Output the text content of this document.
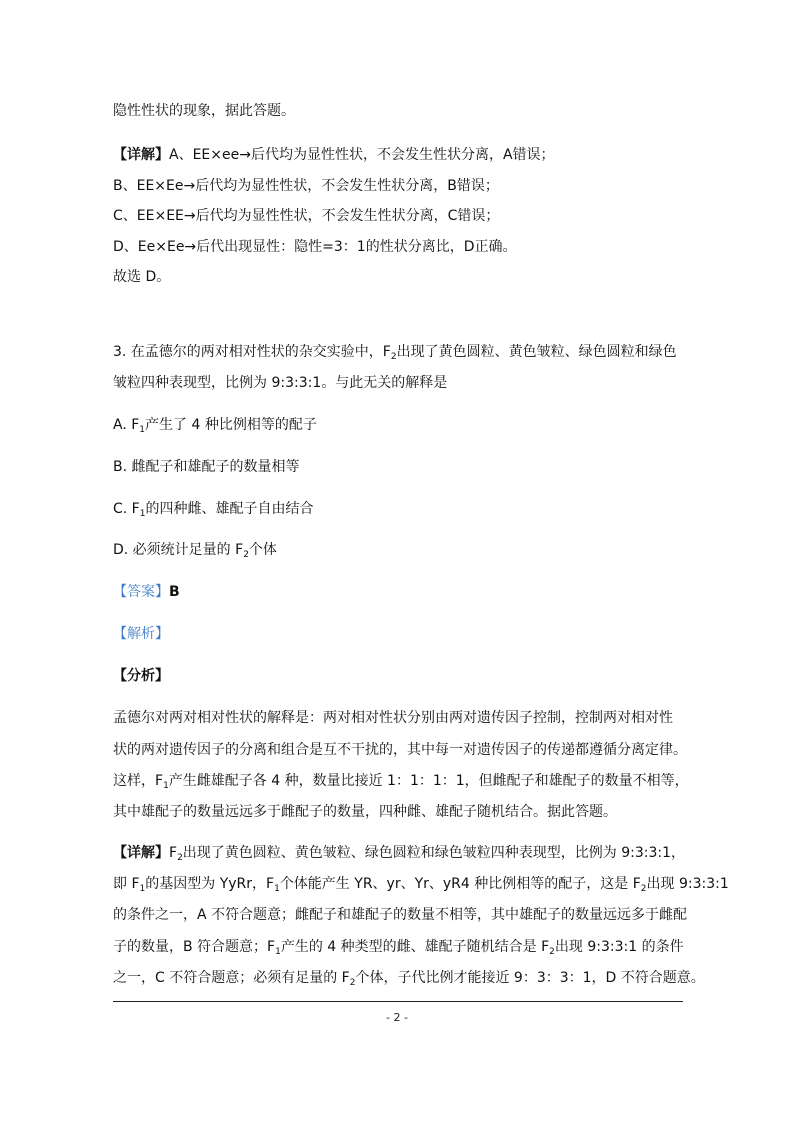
隐性性状的现象，据此答题。
【详解】A、EE×ee→后代均为显性性状，不会发生性状分离，A错误；
B、EE×Ee→后代均为显性性状，不会发生性状分离，B错误；
C、EE×EE→后代均为显性性状，不会发生性状分离，C错误；
D、Ee×Ee→后代出现显性：隐性=3：1的性状分离比，D正确。
故选 D。
3. 在孟德尔的两对相对性状的杂交实验中，$F_2$出现了黄色圆粒、黄色皱粒、绿色圆粒和绿色
皱粒四种表现型，比例为 9:3:3:1。与此无关的解释是
A. $F_1$产生了 4 种比例相等的配子
B. 雌配子和雄配子的数量相等
C. $F_1$的四种雌、雄配子自由结合
D. 必须统计足量的 $F_2$个体
【答案】B
【解析】
【分析】
孟德尔对两对相对性状的解释是：两对相对性状分别由两对遗传因子控制，控制两对相对性
状的两对遗传因子的分离和组合是互不干扰的，其中每一对遗传因子的传递都遵循分离定律。
这样，$F_1$产生雌雄配子各 4 种，数量比接近 1：1：1：1，但雌配子和雄配子的数量不相等，
其中雄配子的数量远远多于雌配子的数量，四种雌、雄配子随机结合。据此答题。
【详解】$F_2$出现了黄色圆粒、黄色皱粒、绿色圆粒和绿色皱粒四种表现型，比例为 9:3:3:1，
即 $F_1$的基因型为 YyRr，$F_1$个体能产生 YR、yr、Yr、yR4 种比例相等的配子，这是 $F_2$出现 9:3:3:1
的条件之一，A 不符合题意；雌配子和雄配子的数量不相等，其中雄配子的数量远远多于雌配
子的数量，B 符合题意；$F_1$产生的 4 种类型的雌、雄配子随机结合是 $F_2$出现 9:3:3:1 的条件
之一，C 不符合题意；必须有足量的 $F_2$个体，子代比例才能接近 9：3：3：1，D 不符合题意。
- 2 -
